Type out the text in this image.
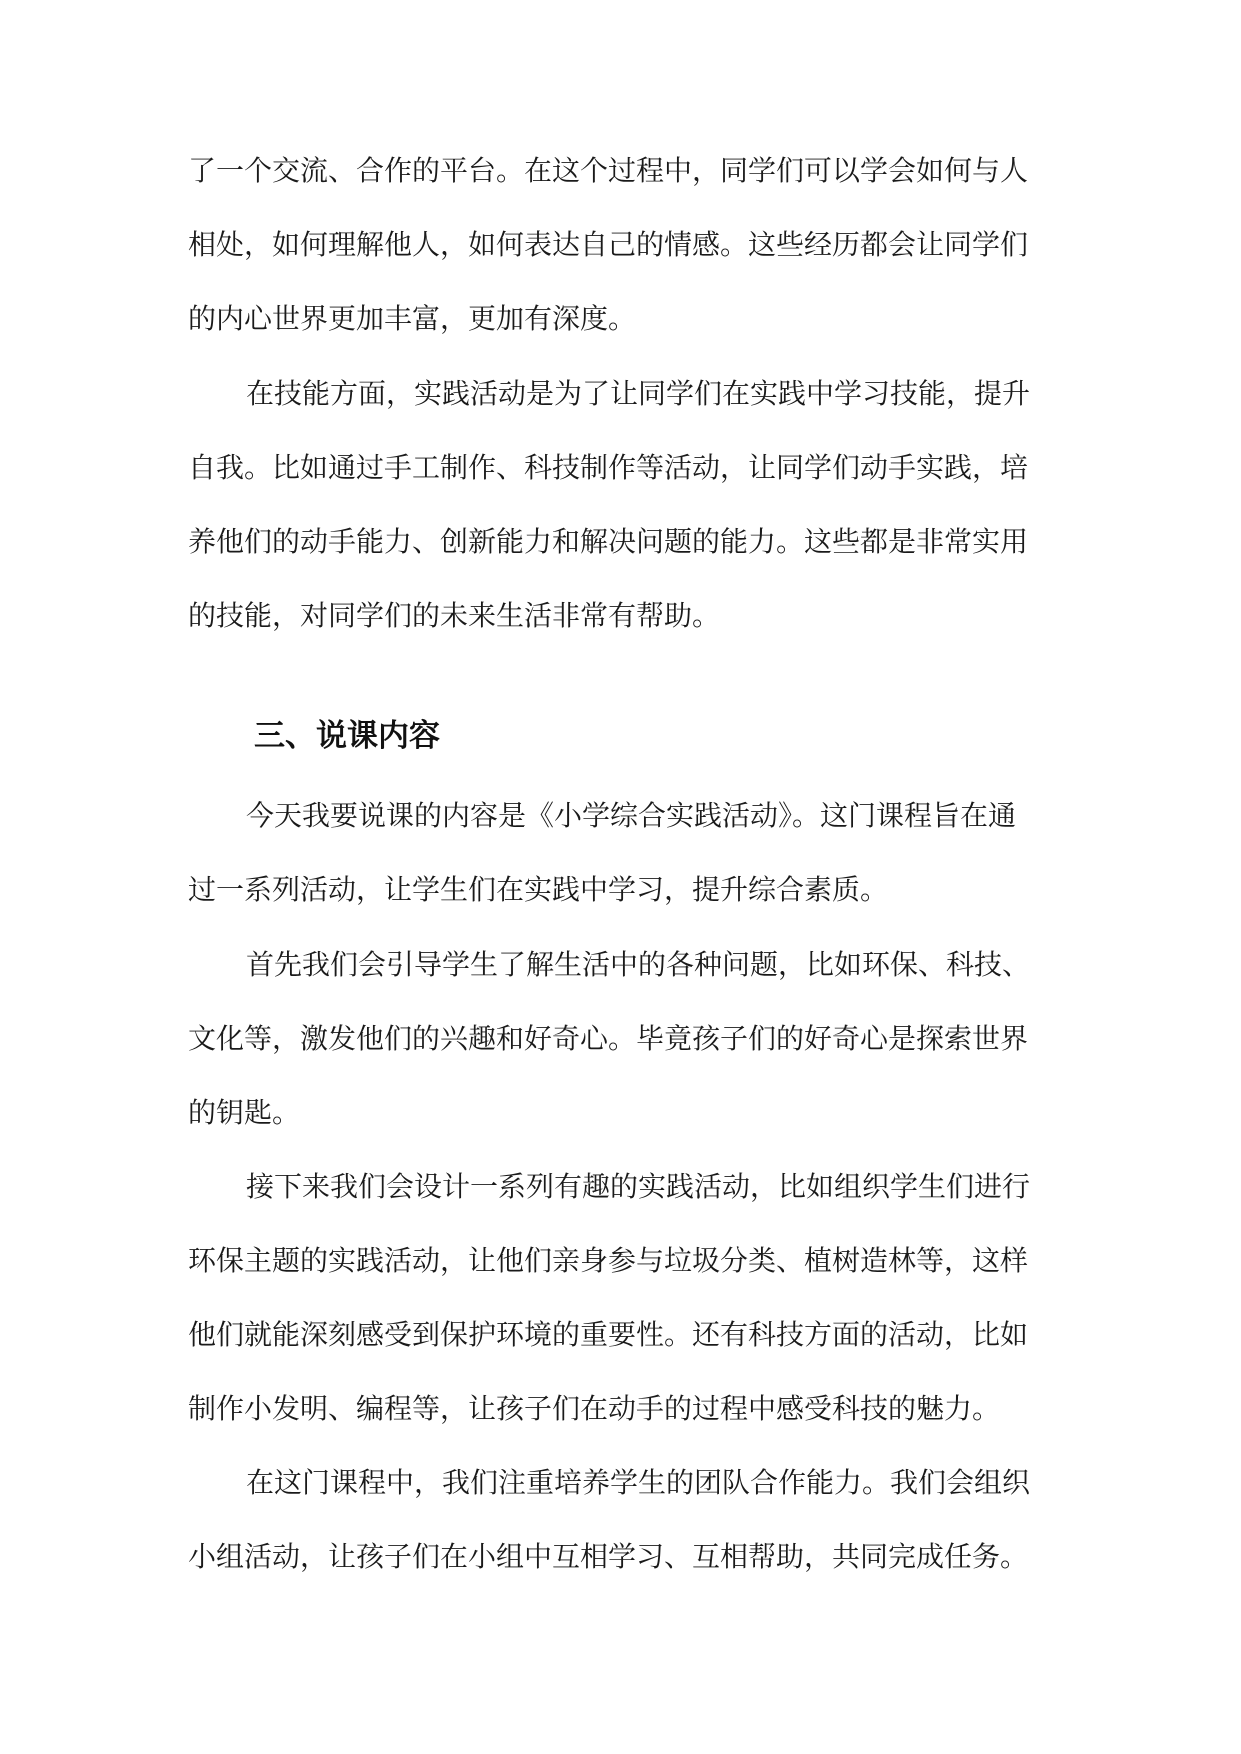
了一个交流、合作的平台。在这个过程中，同学们可以学会如何与人
相处，如何理解他人，如何表达自己的情感。这些经历都会让同学们
的内心世界更加丰富，更加有深度。

在技能方面，实践活动是为了让同学们在实践中学习技能，提升
自我。比如通过手工制作、科技制作等活动，让同学们动手实践，培
养他们的动手能力、创新能力和解决问题的能力。这些都是非常实用
的技能，对同学们的未来生活非常有帮助。

三、说课内容

今天我要说课的内容是《小学综合实践活动》。这门课程旨在通
过一系列活动，让学生们在实践中学习，提升综合素质。

首先我们会引导学生了解生活中的各种问题，比如环保、科技、
文化等，激发他们的兴趣和好奇心。毕竟孩子们的好奇心是探索世界
的钥匙。

接下来我们会设计一系列有趣的实践活动，比如组织学生们进行
环保主题的实践活动，让他们亲身参与垃圾分类、植树造林等，这样
他们就能深刻感受到保护环境的重要性。还有科技方面的活动，比如
制作小发明、编程等，让孩子们在动手的过程中感受科技的魅力。

在这门课程中，我们注重培养学生的团队合作能力。我们会组织
小组活动，让孩子们在小组中互相学习、互相帮助，共同完成任务。
